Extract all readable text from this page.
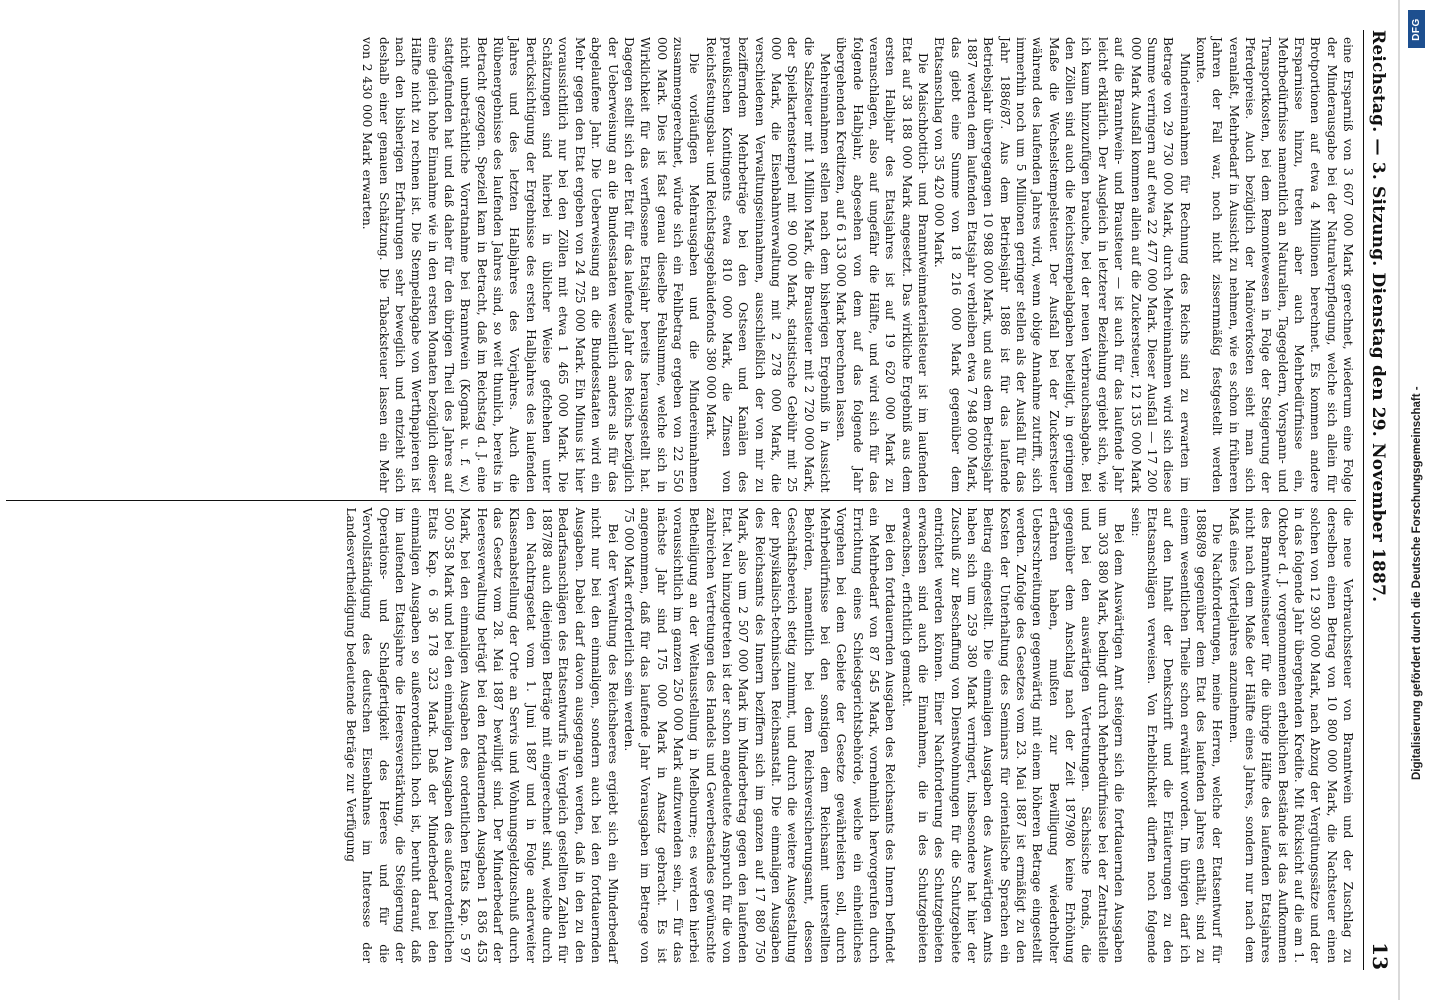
Reichstag. — 3. Sitzung. Dienstag den 29. November 1887.
13

eine Ersparniß von 3 607 000 Mark gerechnet, wiederum eine Folge der Minderausgabe bei der Naturalverpflegung, welche sich allein für Brotportionen auf etwa 4 Millionen berechnet. Es kommen andere Ersparnisse hinzu, treten aber auch Mehrbedürfnisse ein, Mehrbedürfnisse namentlich an Naturalien, Tagegeldern, Vorspann- und Transportkosten, bei dem Remontewesen in Folge der Steigerung der Pferdepreise. Auch bezüglich der Manöverkosten sieht man sich veranlaßt, Mehrbedarf in Aussicht zu nehmen, wie es schon in früheren Jahren der Fall war, noch nicht zissernmäßig festgestellt werden konnte.

Mindereinnahmen für Rechnung des Reichs sind zu erwarten im Betrage von 29 730 000 Mark, durch Mehreinnahmen wird sich diese Summe verringern auf etwa 22 477 000 Mark. Dieser Ausfall — 17 200 000 Mark Ausfall kommen allein auf die Zuckersteuer, 12 135 000 Mark auf die Branntwein- und Brausteuer — ist auch für das laufende Jahr leicht erklärlich. Der Ausgleich in letzterer Beziehung ergiebt sich, wie ich kaum hinzuzufügen brauche, bei der neuen Verbrauchsabgabe. Bei den Zöllen sind auch die Reichsstempelabgaben beteiligt, in geringem Maße die Wechselstempelsteuer. Der Ausfall bei der Zuckersteuer während des laufenden Jahres wird, wenn obige Annahme zutrifft, sich immerhin noch um 5 Millionen geringer stellen als der Ausfall für das Jahr 1886/87. Aus dem Betriebsjahr 1886 ist für das laufende Betriebsjahr übergegangen 10 988 000 Mark, und aus dem Betriebsjahr 1887 werden dem laufenden Etatsjahr verbleiben etwa 7 948 000 Mark, das giebt eine Summe von 18 216 000 Mark gegenüber dem Etatsanschlag von 35 420 000 Mark.

Die Maischbottich- und Branntweinmaterialsteuer ist im laufenden Etat auf 38 188 000 Mark angesetzt. Das wirkliche Ergebniß aus dem ersten Halbjahr des Etatsjahres ist auf 19 620 000 Mark zu veranschlagen, also auf ungefähr die Hälfte, und wird sich für das folgende Halbjahr, abgesehen von dem auf das folgende Jahr übergehenden Kreditzen, auf 6 133 000 Mark berechnen lassen.

Mehreinnahmen stellen nach dem bisherigen Ergebniß in Aussicht die Salzsteuer mit 1 Million Mark, die Brausteuer mit 2 720 000 Mark, der Spielkartenstempel mit 90 000 Mark, statistische Gebühr mit 25 000 Mark, die Eisenbahnverwaltung mit 2 278 000 Mark, die verschiedenen Verwaltungseinnahmen, ausschließlich der von mir zu bezifferndem Mehrbeträge bei den Ostseen und Kanälen des preußischen Kontingents etwa 810 000 Mark, die Zinsen von Reichsfestungsbau- und Reichstagsgebäudefonds 380 000 Mark.

Die vorläufigen Mehrausgaben und die Mindereinnahmen zusammengerechnet, würde sich ein Fehlbetrag ergeben von 22 550 000 Mark. Dies ist fast genau dieselbe Fehlsumme, welche sich in Wirklichkeit für das verflossene Etatsjahr bereits herausgestellt hat. Dagegen stellt sich der Etat für das laufende Jahr des Reichs bezüglich der Ueberweisung an die Bundesstaaten wesentlich anders als für das abgelaufene Jahr. Die Ueberweisung an die Bundesstaaten wird ein Mehr gegen den Etat ergeben von 24 725 000 Mark. Ein Minus ist hier voraussichtlich nur bei den Zöllen mit etwa 1 465 000 Mark. Die Schätzungen sind hierbei in üblicher Weise gefchehen unter Berücksichtigung der Ergebnisse des ersten Halbjahres des laufenden Jahres und des letzten Halbjahres des Vorjahres. Auch die Rübenergebnisse des laufenden Jahres sind, so weit thunlich, bereits in Betracht gezogen. Speziell kam in Betracht, daß im Reichstag d. J. eine nicht unbeträchtliche Vorratnahme bei Branntwein (Kognak u. f. w.) stattgefunden hat und daß daher für den übrigen Theil des Jahres auf eine gleich hohe Einnahme wie in den ersten Monaten bezüglich dieser Hälfte nicht zu rechnen ist. Die Stempelabgabe von Werthpapieren ist nach den bisherigen Erfahrungen sehr beweglich und entzieht sich deshalb einer genauen Schätzung. Die Tabacksteuer lassen ein Mehr von 2 430 000 Mark erwarten.

die neue Verbrauchssteuer von Branntwein und der Zuschlag zu derselben einen Betrag von 10 800 000 Mark, die Nachsteuer einen solchen von 12 930 000 Mark, nach Abzug der Vergütungssätze und der in das folgende Jahr übergehenden Kredite. Mit Rücksicht auf die am 1. Oktober d. J. vorgenommenen erheblichen Bestände ist das Aufkommen des Branntweinsteuer für die übrige Hälfte des laufenden Etatsjahres nicht nach dem Maße der Hälfte eines Jahres, sondern nur nach dem Maß eines Vierteljahres anzunehmen.

Die Nachforderungen, meine Herren, welche der Etatsentwurf für 1888/89 gegenüber dem Etat des laufenden Jahres enthält, sind zu einem wesentlichen Theile schon erwähnt worden. Im übrigen darf ich auf den Inhalt der Denkschrift und die Erläuterungen zu den Etatsanschlägen verweisen. Von Erheblichkeit dürften noch folgende sein:

Bei dem Auswärtigen Amt steigern sich die fortdauernden Ausgaben um 303 880 Mark, bedingt durch Mehrbedürfnisse bei der Zentralstelle und bei den auswärtigen Vertretungen. Sächsische Fonds, die gegenüber dem Anschlag nach der Zeit 1879/80 keine Erhöhung erfahren haben, mußten zur Bewilligung wiederholter Ueberschreitungen gegenwärtig mit einem höheren Betrage eingestellt werden. Zufolge des Gesetzes vom 23. Mai 1887 ist ermäßigt zu den Kosten der Unterhaltung des Seminars für orientalische Sprachen ein Beitrag eingestellt. Die einmaligen Ausgaben des Auswärtigen Amts haben sich um 259 380 Mark verringert, insbesondere hat hier der Zuschuß zur Beschaffung von Dienstwohnungen für die Schutzgebiete entrichtet werden können. Einer Nachforderung des Schutzgebieten erwachsen sind auch die Einnahmen, die in des Schutzgebieten erwachsen, erfichtlich gemacht.

Bei den fortdauernden Ausgaben des Reichsamts des Innern befindet ein Mehrbedarf von 87 545 Mark, vornehmlich hervorgerufen durch Errichtung eines Schiedsgerichtsbehörde, welche ein einheitliches Vorgehen bei dem Gebiete der Gesetze gewährleisten soll, durch Mehrbedürfnisse bei den sonstigen dem Reichsamt unterstellten Behörden, namentlich bei dem Reichsversicherungsamt, dessen Geschäftsbereich stetig zunimmt, und durch die weitere Ausgestaltung der physikalisch-technischen Reichsanstalt. Die einmaligen Ausgaben des Reichsamts des Innern beziffern sich im ganzen auf 17 880 750 Mark, also um 2 507 000 Mark im Minderbetrag gegen den laufenden Etat. Neu hinzugetreten ist der schon angedeutete Anspruch für die von zahlreichen Vertretungen des Handels und Gewerbestandes gewünschte Betheiligung an der Weltausstellung in Melbourne; es werden hierbei voraussichtlich im ganzen 250 000 Mark aufzuwenden sein, — für das nächste Jahr sind 175 000 Mark in Ansatz gebracht. Es ist angenommen, daß für das laufende Jahr Vorausgaben im Betrage von 75 000 Mark erforderlich sein werden.

Bei der Verwaltung des Reichsheeres ergiebt sich ein Minderbedarf nicht nur bei den einmaligen, sondern auch bei den fortdauernden Ausgaben. Dabei darf davon ausgegangen werden, daß in den zu den Bedarfsanschlägen des Etatsentwurfs in Vergleich gestellten Zahlen für 1887/88 auch diejenigen Beträge mit eingerechnet sind, welche durch den Nachtragsetat vom 1. Juni 1887 und in Folge anderweiter Klassenabstellung der Orte an Servis und Wohnungsgeldzuschuß durch das Gesetz vom 28. Mai 1887 bewilligt sind. Der Minderbedarf der Heeresverwaltung beträgt bei den fortdauernden Ausgaben 1 836 453 Mark, bei den einmaligen Ausgaben des ordentlichen Etats Kap. 5 97 500 358 Mark und bei den einmaligen Ausgaben des außerordentlichen Etats Kap. 6 36 178 323 Mark. Daß der Minderbedarf bei den einmaligen Ausgaben so außerordentlich hoch ist, beruht darauf, daß im laufenden Etatsjahre die Heeresverstärkung, die Steigerung der Operations- und Schlagfertigkeit des Heeres und für die Vervollständigung des deutschen Eisenbahnes im Interesse der Landesvertheidigung bedeutende Beträge zur Verfügung

DFG
Digitalisierung gefördert durch die Deutsche Forschungsgemeinschaft -
